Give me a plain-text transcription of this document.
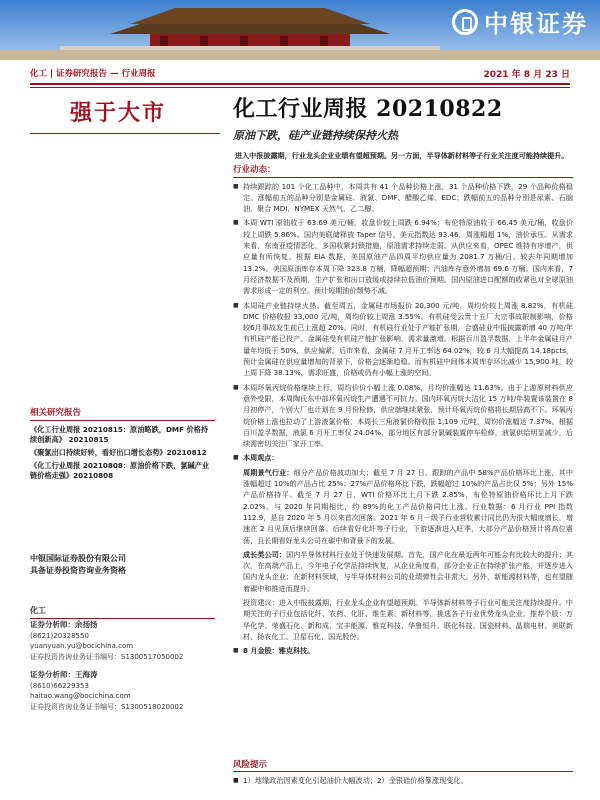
中银证券
化工 | 证券研究报告 — 行业周报	2021 年 8 月 23 日
强于大市
相关研究报告
《化工行业周报 20210815：原油略跌，DMF 价格持续创新高》 20210815
《聚氯出口持续好转，看好出口增长态势》20210812
《化工行业周报 20210808：原油价格下跌，氯碱产业链价格走强》20210808
中银国际证券股份有限公司
具备证券投资咨询业务资格
化工
证券分析师：余扬扬
(8621)20328550
yuanyuan.yu@bocichina.com
证券投资咨询业务证书编号：S1300517050002
证券分析师：王海涛
(8610)66229353
haitao.wang@bocichina.com
证券投资咨询业务证书编号：S1300518020002
化工行业周报 20210822
原油下跌，硅产业链持续保持火热
进入中报披露期，行业龙头企业业绩有望超预期。另一方面，半导体新材料等子行业关注度可能持续提升。
行业动态：
■ 持续跟踪的 101 个化工品种中，本周共有 41 个品种价格上涨，31 个品种价格下跌，29 个品种价格稳定。涨幅前五的品种分别是金属硅、液氯、DMF、醋酸乙烯、EDC；跌幅前五的品种分别是尿素、石脑油、聚合 MDI、NYMEX 天然气、乙二醇。
■ 本周 WTI 原油收于 63.69 美元/桶，收盘价较上周跌 6.94%；布伦特原油收于 66.45 美元/桶，收盘价较上周跌 5.86%。国内美联储释放 Taper 信号，美元指数达 93.46，周涨幅超 1%，油价承压。从需求来看，东南亚疫情恶化，多国收紧封锁措施，原油需求持续走弱。从供应来看，OPEC 维持有序增产，供应量有所恢复。根据 EIA 数据，美国原油产品四周平均供应量为 2081.7 万桶/日，较去年同期增加 13.2%。美国原油库存本周下降 323.8 万桶，降幅超预期；汽油库存意外增加 69.6 万桶。国内来看，7 月经济数据不及预期，生产扩张和出口放缓或持续拉低油价预期。国内原油进口配额的收紧也对全球原油需求形成一定的利空。预计短期油价颓势不减。
■ 本周硅产业链持续火热。截至周五，金属硅市场报价 20,300 元/吨，周均价较上周涨 8.82%，有机硅 DMC 价格收报 33,000 元/吨，周均价较上周涨 3.55%。有机硅受云贵十五厂大宗事故限制影响，价格较6月事故发生前已上涨超 20%。同时，有机硅行业处于产能扩张期，合盛硅业中报披露新增 40 万吨/年有机硅产能已投产。金属硅受有机硅产能扩张影响，需求量激增。根据百川盈孚数据，上半年金属硅月产量年均低于 50%，供应偏紧。后市来看，金属硅 7 月开工率达 64.02%，较 6 月大幅提高 14.18pcts，预计金属硅在供应量增加的背景下，价格会逐渐趋稳。而有机硅中间体本周库存环比减少 15,900 吨，较上周下降 38.13%，需求旺盛，价格或仍有小幅上涨的空间。
■ 本周环氧丙烷价格继续上行，周均价价小幅上涨 0.08%，月均价涨幅达 11.63%。由于上游原材料供应意外受限，本周陶氏东中部环氧丙烷生产遭遇不可抗力。国内环氧丙烷大洁化 15 万吨/年装置该装置在 8 月初停产，个别大厂也计划在 9 月份检修，供应端继续紧张，预计环氧丙烷价格将长期居高不下。环氧丙烷价格上涨也拉动了上游液氯价格，本周长三角液氯价格收报 1,109 元/吨，周均价涨幅达 7.37%。根据百川盈孚数据，液氯 6 月开工率仅 24.04%，部分地区有部分氯碱装置停车检修，液氯供给明显减少，后续需密切关注厂家开工率。
■ 本周观点：
周期景气行业：细分产品价格波动加大；截至 7 月 27 日，跟踪的产品中 58%产品价格环比上涨，其中涨幅超过 10%的产品占比 25%；27%产品价格环比下跌，跌幅超过 10%的产品占比仅 5%；另外 15%产品价格持平。截至 7 月 27 日，WTI 价格环比上月下跌 2.85%，布伦特原油价格环比上月下跌 2.02%。与 2020 年同期相比，约 89%的化工产品价格同比上涨。行业数据：6 月行业 PPI 指数 112.9，是自 2020 年 5 月以来首次回落。2021 年 6 月一级子行业营收累计同比仍为很大幅度增长，增速在 2 月见顶后继续回落。后续看好化纤等子行业，下游逐渐进入旺季，大部分产品价格预计将高位震荡，且长期看好龙头公司在碳中和背景下的发展。
成长类公司：国内半导体材料行业处于快速发展期。首先，国产化在最近两年可能会有比较大的提升；其次，在高端产品上，今年电子化学品持续恢复，从企业角度看，部分企业正在持续扩张产能，并逐步进入国内龙头企业；在新材料领域，与半导体材料公司的业绩弹性会非常大。另外，新能源材料等，也有望随着碳中和推进而提升。
投资建议：进入中报披露期，行业龙头企业有望超预期。半导体新材料等子行业可能关注度持续提升。中期关注的子行业包括化纤、农药、化肝、维生素、新材料等，挑选各子行业优势龙头企业。推荐个股：万华化学、荣盛石化、新和成、宝丰能源、雅克科技、华鲁恒升、联化科技、国瓷材料、晶瑞电材、美联新材、扬农化工、卫星石化、国光股份。
■ 8 月金股：雅克科技。
风险提示
■ 1）地缘政治因素变化引起油价大幅波动；2）金银硅价格暴涨现变化。
